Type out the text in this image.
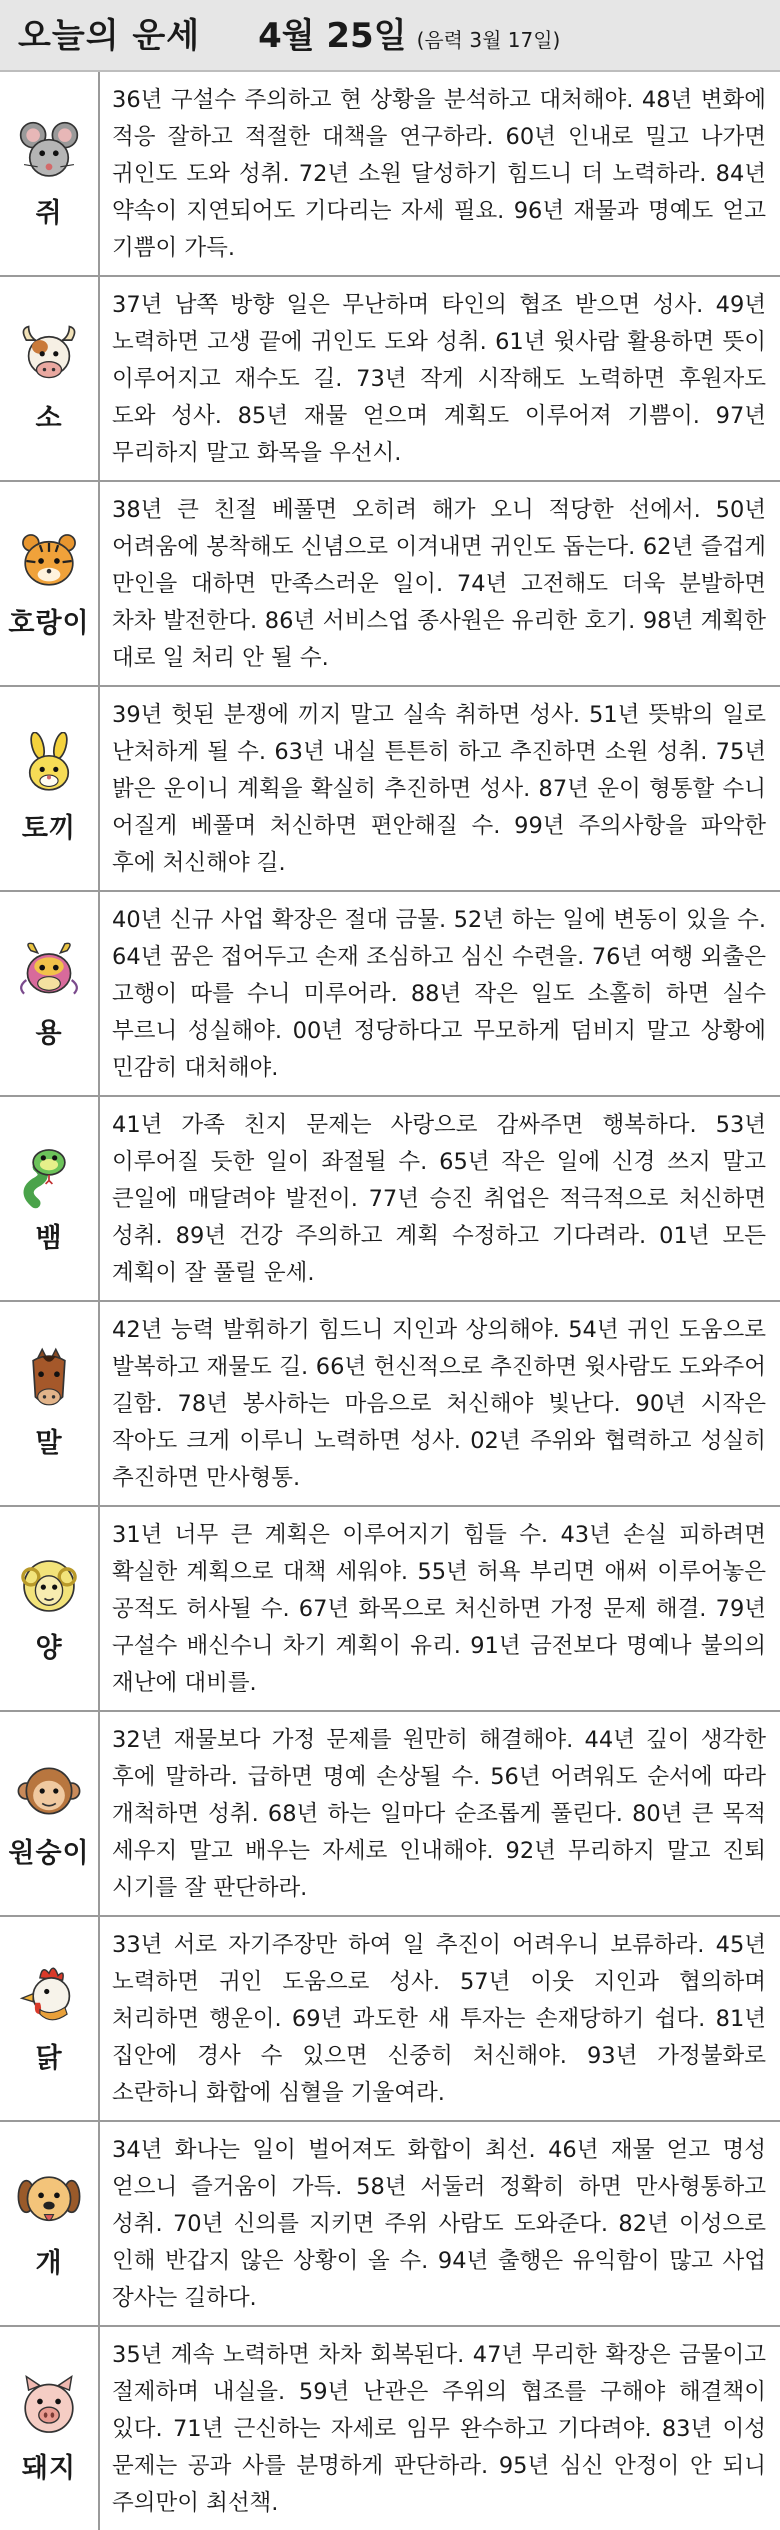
오늘의 운세 4월 25일 (음력 3월 17일)
쥐
36년 구설수 주의하고 현 상황을 분석하고 대처해야. 48년 변화에 적응 잘하고 적절한 대책을 연구하라. 60년 인내로 밀고 나가면 귀인도 도와 성취. 72년 소원 달성하기 힘드니 더 노력하라. 84년 약속이 지연되어도 기다리는 자세 필요. 96년 재물과 명예도 얻고 기쁨이 가득.
소
37년 남쪽 방향 일은 무난하며 타인의 협조 받으면 성사. 49년 노력하면 고생 끝에 귀인도 도와 성취. 61년 윗사람 활용하면 뜻이 이루어지고 재수도 길. 73년 작게 시작해도 노력하면 후원자도 도와 성사. 85년 재물 얻으며 계획도 이루어져 기쁨이. 97년 무리하지 말고 화목을 우선시.
호랑이
38년 큰 친절 베풀면 오히려 해가 오니 적당한 선에서. 50년 어려움에 봉착해도 신념으로 이겨내면 귀인도 돕는다. 62년 즐겁게 만인을 대하면 만족스러운 일이. 74년 고전해도 더욱 분발하면 차차 발전한다. 86년 서비스업 종사원은 유리한 호기. 98년 계획한 대로 일 처리 안 될 수.
토끼
39년 헛된 분쟁에 끼지 말고 실속 취하면 성사. 51년 뜻밖의 일로 난처하게 될 수. 63년 내실 튼튼히 하고 추진하면 소원 성취. 75년 밝은 운이니 계획을 확실히 추진하면 성사. 87년 운이 형통할 수니 어질게 베풀며 처신하면 편안해질 수. 99년 주의사항을 파악한 후에 처신해야 길.
용
40년 신규 사업 확장은 절대 금물. 52년 하는 일에 변동이 있을 수. 64년 꿈은 접어두고 손재 조심하고 심신 수련을. 76년 여행 외출은 고행이 따를 수니 미루어라. 88년 작은 일도 소홀히 하면 실수 부르니 성실해야. 00년 정당하다고 무모하게 덤비지 말고 상황에 민감히 대처해야.
뱀
41년 가족 친지 문제는 사랑으로 감싸주면 행복하다. 53년 이루어질 듯한 일이 좌절될 수. 65년 작은 일에 신경 쓰지 말고 큰일에 매달려야 발전이. 77년 승진 취업은 적극적으로 처신하면 성취. 89년 건강 주의하고 계획 수정하고 기다려라. 01년 모든 계획이 잘 풀릴 운세.
말
42년 능력 발휘하기 힘드니 지인과 상의해야. 54년 귀인 도움으로 발복하고 재물도 길. 66년 헌신적으로 추진하면 윗사람도 도와주어 길함. 78년 봉사하는 마음으로 처신해야 빛난다. 90년 시작은 작아도 크게 이루니 노력하면 성사. 02년 주위와 협력하고 성실히 추진하면 만사형통.
양
31년 너무 큰 계획은 이루어지기 힘들 수. 43년 손실 피하려면 확실한 계획으로 대책 세워야. 55년 허욕 부리면 애써 이루어놓은 공적도 허사될 수. 67년 화목으로 처신하면 가정 문제 해결. 79년 구설수 배신수니 차기 계획이 유리. 91년 금전보다 명예나 불의의 재난에 대비를.
원숭이
32년 재물보다 가정 문제를 원만히 해결해야. 44년 깊이 생각한 후에 말하라. 급하면 명예 손상될 수. 56년 어려워도 순서에 따라 개척하면 성취. 68년 하는 일마다 순조롭게 풀린다. 80년 큰 목적 세우지 말고 배우는 자세로 인내해야. 92년 무리하지 말고 진퇴 시기를 잘 판단하라.
닭
33년 서로 자기주장만 하여 일 추진이 어려우니 보류하라. 45년 노력하면 귀인 도움으로 성사. 57년 이웃 지인과 협의하며 처리하면 행운이. 69년 과도한 새 투자는 손재당하기 쉽다. 81년 집안에 경사 수 있으면 신중히 처신해야. 93년 가정불화로 소란하니 화합에 심혈을 기울여라.
개
34년 화나는 일이 벌어져도 화합이 최선. 46년 재물 얻고 명성 얻으니 즐거움이 가득. 58년 서둘러 정확히 하면 만사형통하고 성취. 70년 신의를 지키면 주위 사람도 도와준다. 82년 이성으로 인해 반갑지 않은 상황이 올 수. 94년 출행은 유익함이 많고 사업 장사는 길하다.
돼지
35년 계속 노력하면 차차 회복된다. 47년 무리한 확장은 금물이고 절제하며 내실을. 59년 난관은 주위의 협조를 구해야 해결책이 있다. 71년 근신하는 자세로 임무 완수하고 기다려야. 83년 이성 문제는 공과 사를 분명하게 판단하라. 95년 심신 안정이 안 되니 주의만이 최선책.
